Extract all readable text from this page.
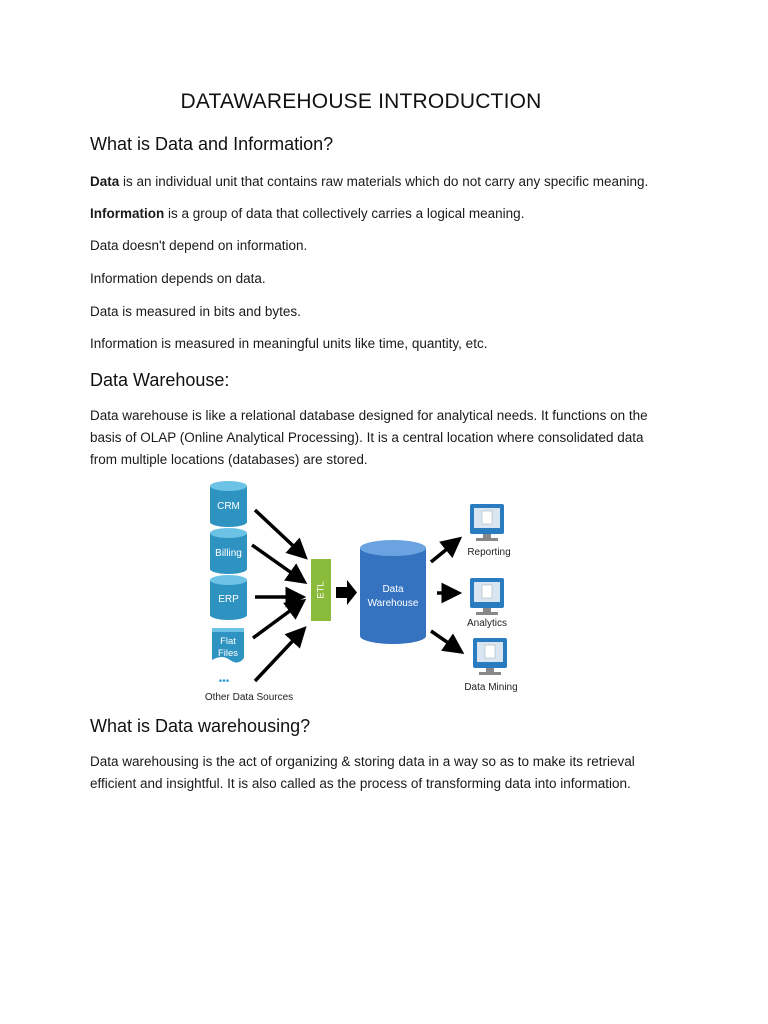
DATAWAREHOUSE INTRODUCTION
What is Data and Information?

Data is an individual unit that contains raw materials which do not carry any specific meaning.

Information is a group of data that collectively carries a logical meaning.

Data doesn't depend on information.

Information depends on data.

Data is measured in bits and bytes.

Information is measured in meaningful units like time, quantity, etc.

Data Warehouse:

Data warehouse is like a relational database designed for analytical needs. It functions on the
basis of OLAP (Online Analytical Processing). It is a central location where consolidated data
from multiple locations (databases) are stored.

CRM
Billing
ERP
Flat
Files
•••
Other Data Sources
ETL	Data
Warehouse
Reporting
Analytics
Data Mining
What is Data warehousing?

Data warehousing is the act of organizing & storing data in a way so as to make its retrieval
efficient and insightful. It is also called as the process of transforming data into information.
